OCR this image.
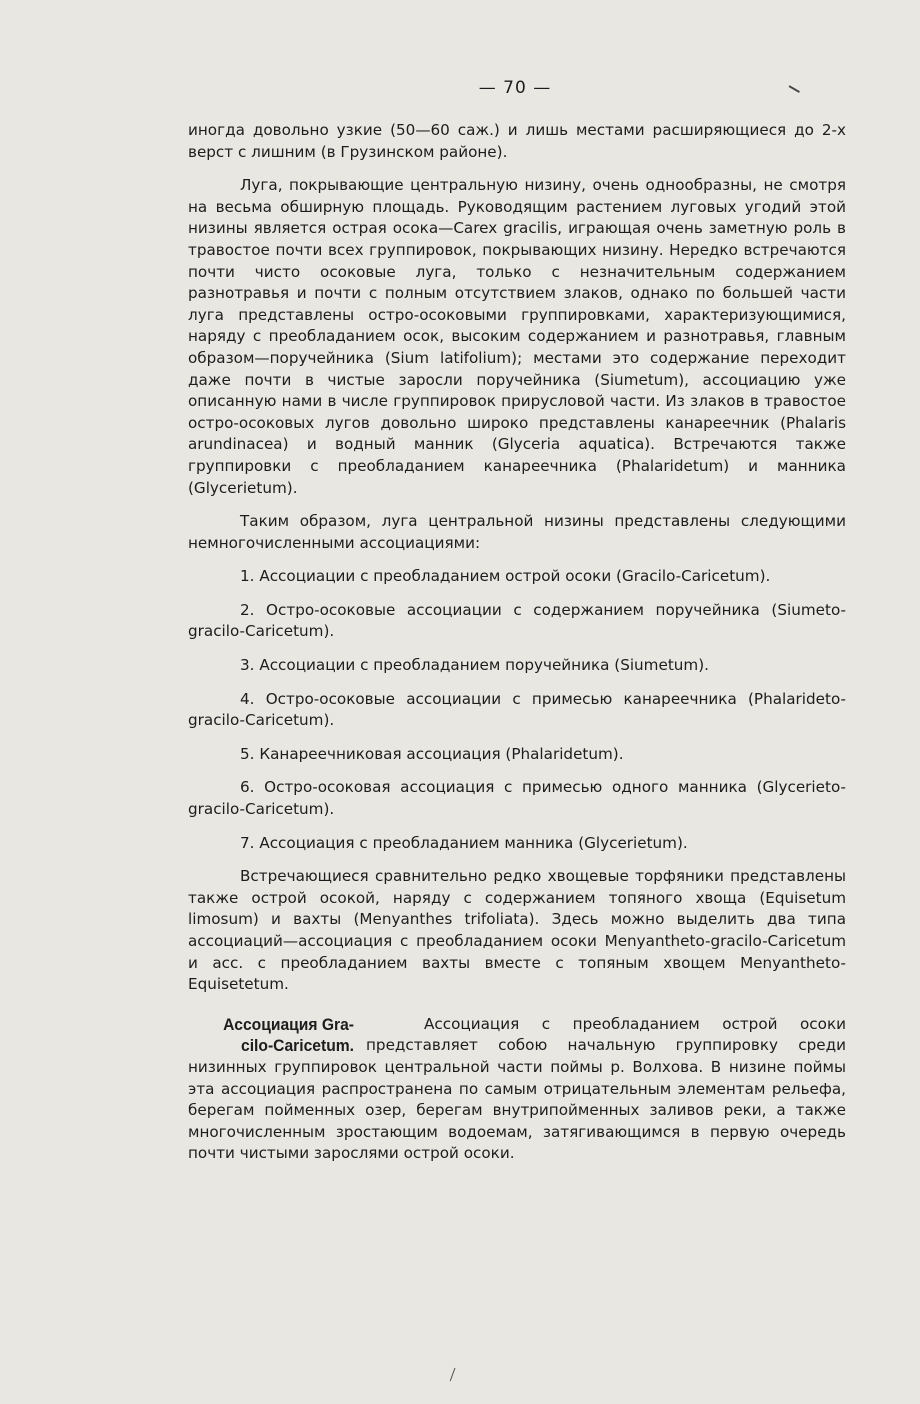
— 70 —

иногда довольно узкие (50—60 саж.) и лишь местами расширяющиеся до 2-х верст с лишним (в Грузинском районе).

Луга, покрывающие центральную низину, очень однообразны, не смотря на весьма обширную площадь. Руководящим растением луговых угодий этой низины является острая осока—Carex gracilis, играющая очень заметную роль в травостое почти всех группировок, покрывающих низину. Нередко встречаются почти чисто осоковые луга, только с незначительным содержанием разнотравья и почти с полным отсутствием злаков, однако по большей части луга представлены остро-осоковыми группировками, характеризующимися, наряду с преобладанием осок, высоким содержанием и разнотравья, главным образом—поручейника (Sium latifolium); местами это содержание переходит даже почти в чистые заросли поручейника (Siumetum), ассоциацию уже описанную нами в числе группировок прирусловой части. Из злаков в травостое остро-осоковых лугов довольно широко представлены канареечник (Phalaris arundinacea) и водный манник (Glyceria aquatica). Встречаются также группировки с преобладанием канареечника (Phalaridetum) и манника (Glycerietum).

Таким образом, луга центральной низины представлены следующими немногочисленными ассоциациями:

1. Ассоциации с преобладанием острой осоки (Gracilo-Caricetum).

2. Остро-осоковые ассоциации с содержанием поручейника (Siumeto-gracilo-Caricetum).

3. Ассоциации с преобладанием поручейника (Siumetum).

4. Остро-осоковые ассоциации с примесью канареечника (Phalarideto-gracilo-Caricetum).

5. Канареечниковая ассоциация (Phalaridetum).

6. Остро-осоковая ассоциация с примесью одного манника (Glycerieto-gracilo-Caricetum).

7. Ассоциация с преобладанием манника (Glycerietum).

Встречающиеся сравнительно редко хвощевые торфяники представлены также острой осокой, наряду с содержанием топяного хвоща (Equisetum limosum) и вахты (Menyanthes trifoliata). Здесь можно выделить два типа ассоциаций—ассоциация с преобладанием осоки Menyantheto-gracilo-Caricetum и асс. с преобладанием вахты вместе с топяным хвощем Menyantheto-Equisetetum.

Ассоциация Gra-
cilo-Caricetum.

Ассоциация с преобладанием острой осоки представляет собою начальную группировку среди низинных группировок центральной части поймы р. Волхова. В низине поймы эта ассоциация распространена по самым отрицательным элементам рельефа, берегам пойменных озер, берегам внутрипойменных заливов реки, а также многочисленным зростающим водоемам, затягивающимся в первую очередь почти чистыми зарослями острой осоки.
